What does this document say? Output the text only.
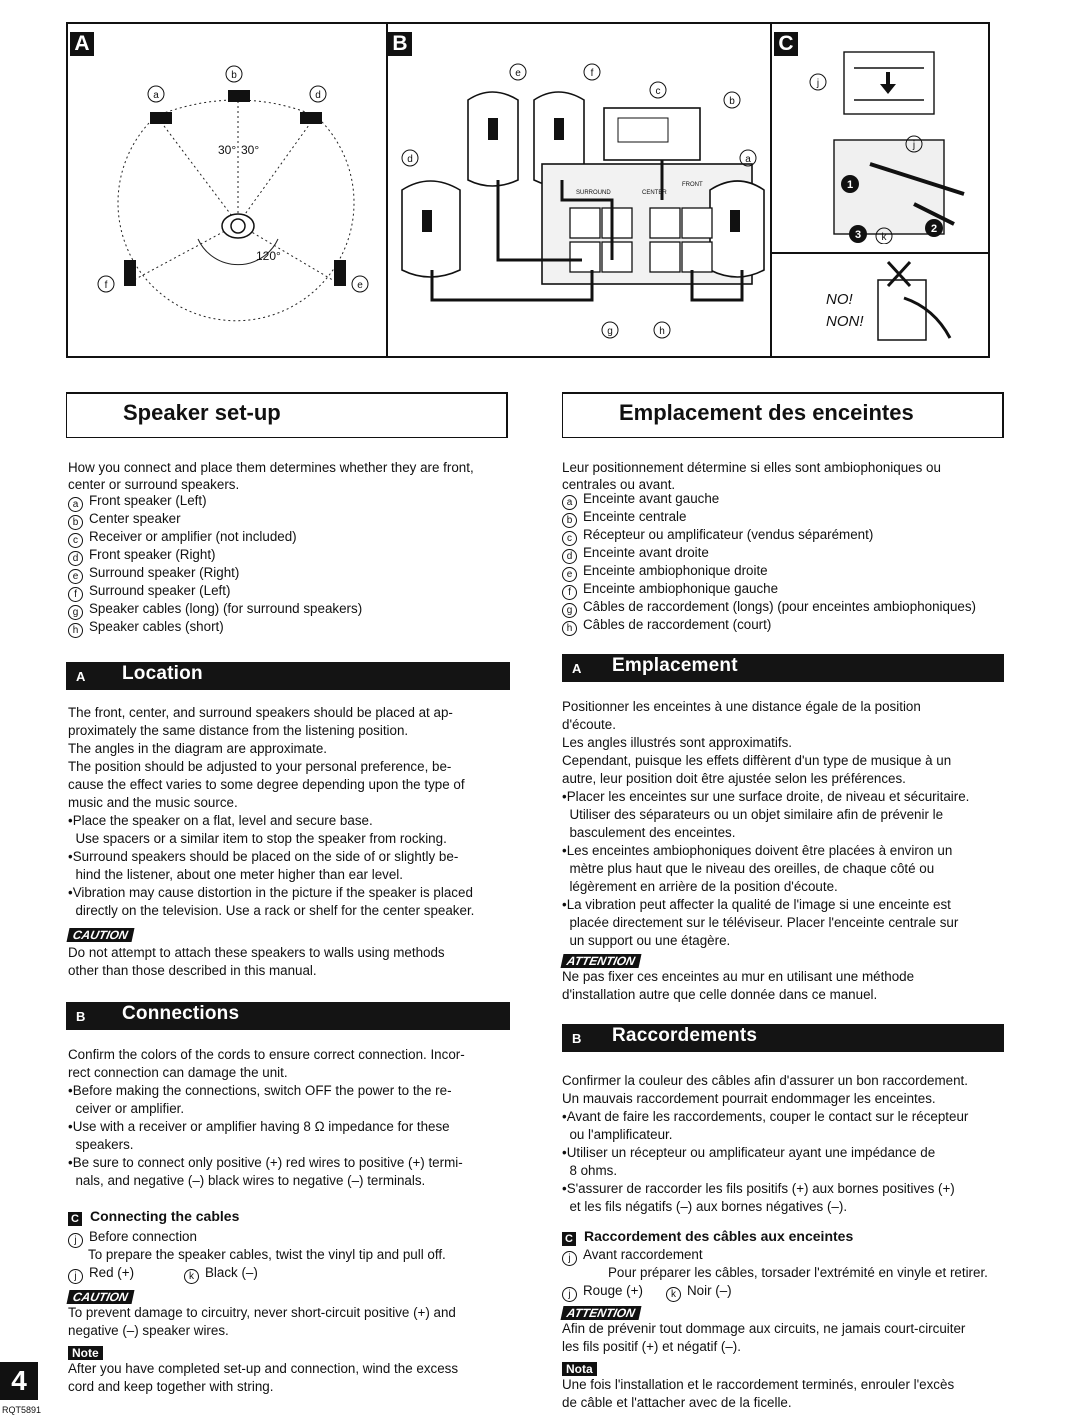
A	B	C
30° 30°
120°
a
b
d
f	e
SURROUND
FRONT
CENTER
e	f
b
c
d	a
g	h
1
2
3
j
j
k
NO!
NON!
Speaker set-up
How you connect and place them determines whether they are front,
center or surround speakers.
a Front speaker (Left)
b Center speaker
c Receiver or amplifier (not included)
d Front speaker (Right)
e Surround speaker (Right)
f Surround speaker (Left)
g Speaker cables (long) (for surround speakers)
h Speaker cables (short)
A Location
The front, center, and surround speakers should be placed at ap-
proximately the same distance from the listening position.
The angles in the diagram are approximate.
The position should be adjusted to your personal preference, be-
cause the effect varies to some degree depending upon the type of
music and the music source.
•Place the speaker on a flat, level and secure base.
Use spacers or a similar item to stop the speaker from rocking.
•Surround speakers should be placed on the side of or slightly be-
hind the listener, about one meter higher than ear level.
•Vibration may cause distortion in the picture if the speaker is placed
directly on the television. Use a rack or shelf for the center speaker.
CAUTION
Do not attempt to attach these speakers to walls using methods
other than those described in this manual.
B Connections
Confirm the colors of the cords to ensure correct connection. Incor-
rect connection can damage the unit.
•Before making the connections, switch OFF the power to the re-
ceiver or amplifier.
•Use with a receiver or amplifier having 8 Ω impedance for these
speakers.
•Be sure to connect only positive (+) red wires to positive (+) termi-
nals, and negative (–) black wires to negative (–) terminals.
C Connecting the cables
j Before connection
To prepare the speaker cables, twist the vinyl tip and pull off.
j Red (+)	k Black (–)
CAUTION
To prevent damage to circuitry, never short-circuit positive (+) and
negative (–) speaker wires.
Note
After you have completed set-up and connection, wind the excess
cord and keep together with string.
Emplacement des enceintes
Leur positionnement détermine si elles sont ambiophoniques ou
centrales ou avant.
a Enceinte avant gauche
b Enceinte centrale
c Récepteur ou amplificateur (vendus séparément)
d Enceinte avant droite
e Enceinte ambiophonique droite
f Enceinte ambiophonique gauche
g Câbles de raccordement (longs) (pour enceintes ambiophoniques)
h Câbles de raccordement (court)
A Emplacement
Positionner les enceintes à une distance égale de la position
d'écoute.
Les angles illustrés sont approximatifs.
Cependant, puisque les effets diffèrent d'un type de musique à un
autre, leur position doit être ajustée selon les préférences.
•Placer les enceintes sur une surface droite, de niveau et sécuritaire.
Utiliser des séparateurs ou un objet similaire afin de prévenir le
basculement des enceintes.
•Les enceintes ambiophoniques doivent être placées à environ un
mètre plus haut que le niveau des oreilles, de chaque côté ou
légèrement en arrière de la position d'écoute.
•La vibration peut affecter la qualité de l'image si une enceinte est
placée directement sur le téléviseur. Placer l'enceinte centrale sur
un support ou une étagère.
ATTENTION
Ne pas fixer ces enceintes au mur en utilisant une méthode
d'installation autre que celle donnée dans ce manuel.
B Raccordements
Confirmer la couleur des câbles afin d'assurer un bon raccordement.
Un mauvais raccordement pourrait endommager les enceintes.
•Avant de faire les raccordements, couper le contact sur le récepteur
ou l'amplificateur.
•Utiliser un récepteur ou amplificateur ayant une impédance de
8 ohms.
•S'assurer de raccorder les fils positifs (+) aux bornes positives (+)
et les fils négatifs (–) aux bornes négatives (–).
C Raccordement des câbles aux enceintes
j Avant raccordement
Pour préparer les câbles, torsader l'extrémité en vinyle et retirer.
j Rouge (+)	k Noir (–)
ATTENTION
Afin de prévenir tout dommage aux circuits, ne jamais court-circuiter
les fils positif (+) et négatif (–).
Nota
Une fois l'installation et le raccordement terminés, enrouler l'excès
de câble et l'attacher avec de la ficelle.
4
RQT5891
